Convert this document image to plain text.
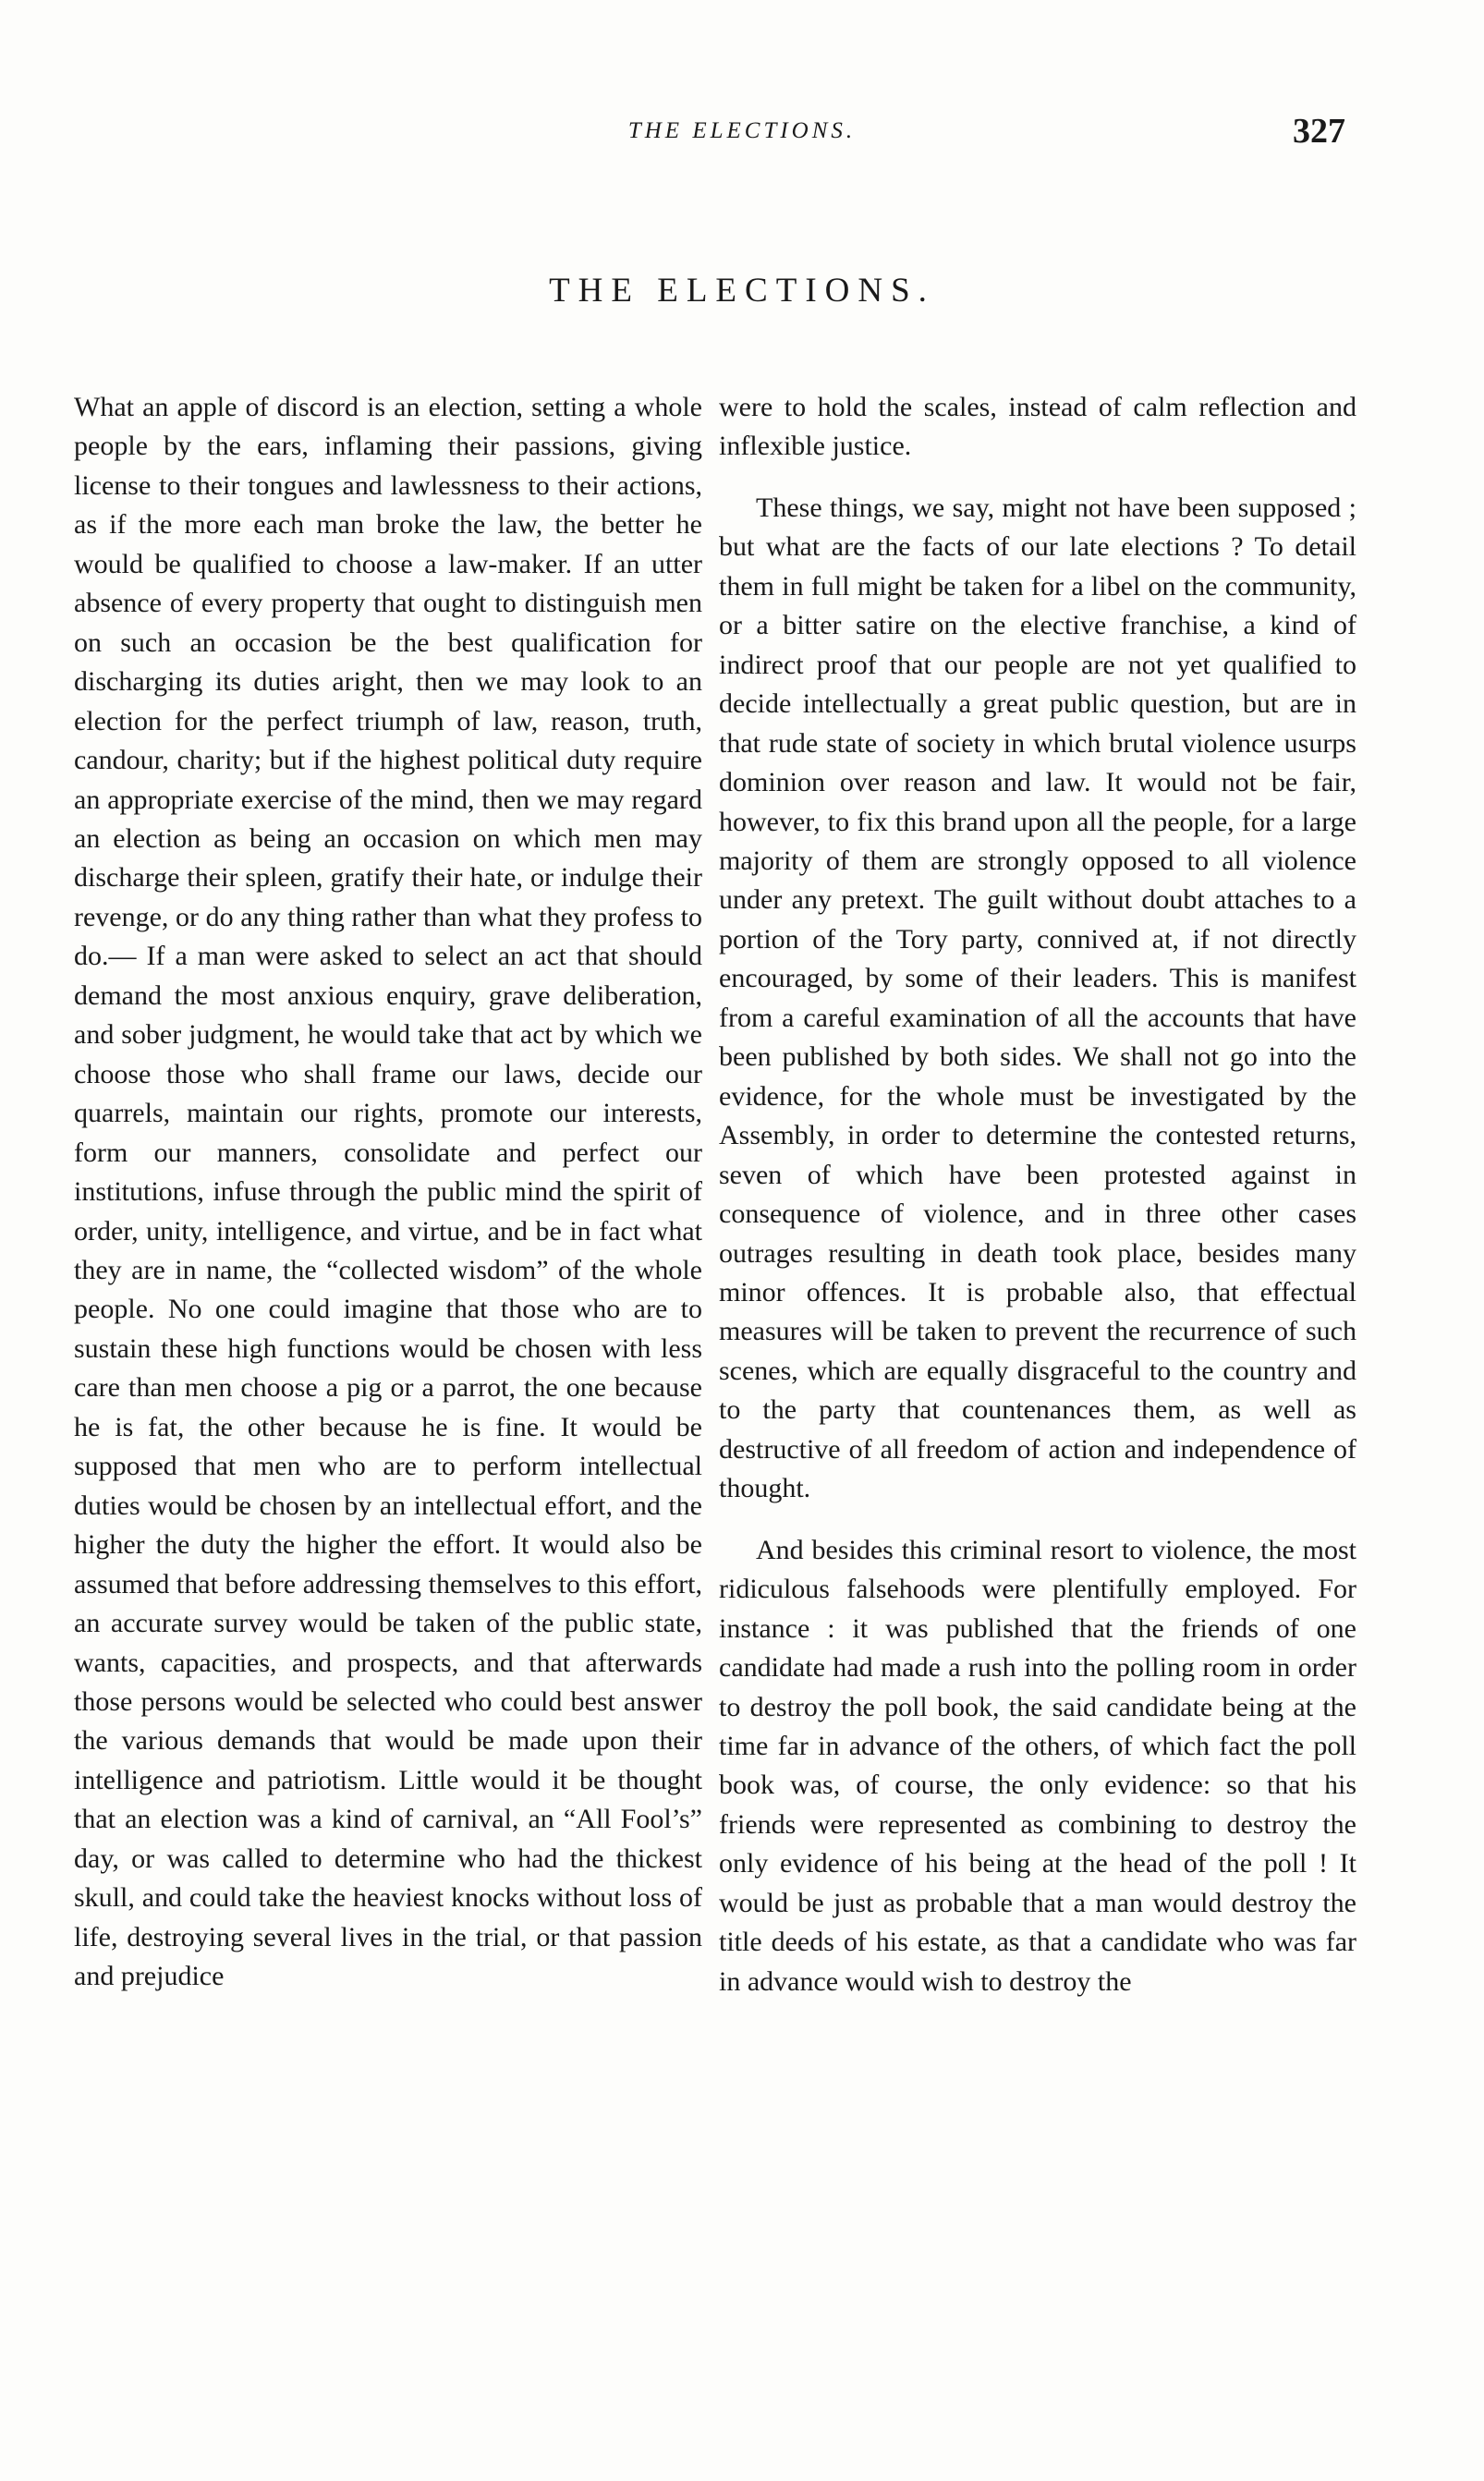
THE ELECTIONS.	327
THE ELECTIONS.

What an apple of discord is an election, setting a whole people by the ears, inflaming their passions, giving license to their tongues and lawlessness to their actions, as if the more each man broke the law, the better he would be qualified to choose a law-maker. If an utter absence of every property that ought to distinguish men on such an occasion be the best qualification for discharging its duties aright, then we may look to an election for the perfect triumph of law, reason, truth, candour, charity; but if the highest political duty require an appropriate exercise of the mind, then we may regard an election as being an occasion on which men may discharge their spleen, gratify their hate, or indulge their revenge, or do any thing rather than what they profess to do.— If a man were asked to select an act that should demand the most anxious enquiry, grave deliberation, and sober judgment, he would take that act by which we choose those who shall frame our laws, decide our quarrels, maintain our rights, promote our interests, form our manners, consolidate and perfect our institutions, infuse through the public mind the spirit of order, unity, intelligence, and virtue, and be in fact what they are in name, the “collected wisdom” of the whole people. No one could imagine that those who are to sustain these high functions would be chosen with less care than men choose a pig or a parrot, the one because he is fat, the other because he is fine. It would be supposed that men who are to perform intellectual duties would be chosen by an intellectual effort, and the higher the duty the higher the effort. It would also be assumed that before addressing themselves to this effort, an accurate survey would be taken of the public state, wants, capacities, and prospects, and that afterwards those persons would be selected who could best answer the various demands that would be made upon their intelligence and patriotism. Little would it be thought that an election was a kind of carnival, an “All Fool’s” day, or was called to determine who had the thickest skull, and could take the heaviest knocks without loss of life, destroying several lives in the trial, or that passion and prejudice

were to hold the scales, instead of calm reflection and inflexible justice.

These things, we say, might not have been supposed ; but what are the facts of our late elections ? To detail them in full might be taken for a libel on the community, or a bitter satire on the elective franchise, a kind of indirect proof that our people are not yet qualified to decide intellectually a great public question, but are in that rude state of society in which brutal violence usurps dominion over reason and law. It would not be fair, however, to fix this brand upon all the people, for a large majority of them are strongly opposed to all violence under any pretext. The guilt without doubt attaches to a portion of the Tory party, connived at, if not directly encouraged, by some of their leaders. This is manifest from a careful examination of all the accounts that have been published by both sides. We shall not go into the evidence, for the whole must be investigated by the Assembly, in order to determine the contested returns, seven of which have been protested against in consequence of violence, and in three other cases outrages resulting in death took place, besides many minor offences. It is probable also, that effectual measures will be taken to prevent the recurrence of such scenes, which are equally disgraceful to the country and to the party that countenances them, as well as destructive of all freedom of action and independence of thought.

And besides this criminal resort to violence, the most ridiculous falsehoods were plentifully employed. For instance : it was published that the friends of one candidate had made a rush into the polling room in order to destroy the poll book, the said candidate being at the time far in advance of the others, of which fact the poll book was, of course, the only evidence: so that his friends were represented as combining to destroy the only evidence of his being at the head of the poll ! It would be just as probable that a man would destroy the title deeds of his estate, as that a candidate who was far in advance would wish to destroy the
